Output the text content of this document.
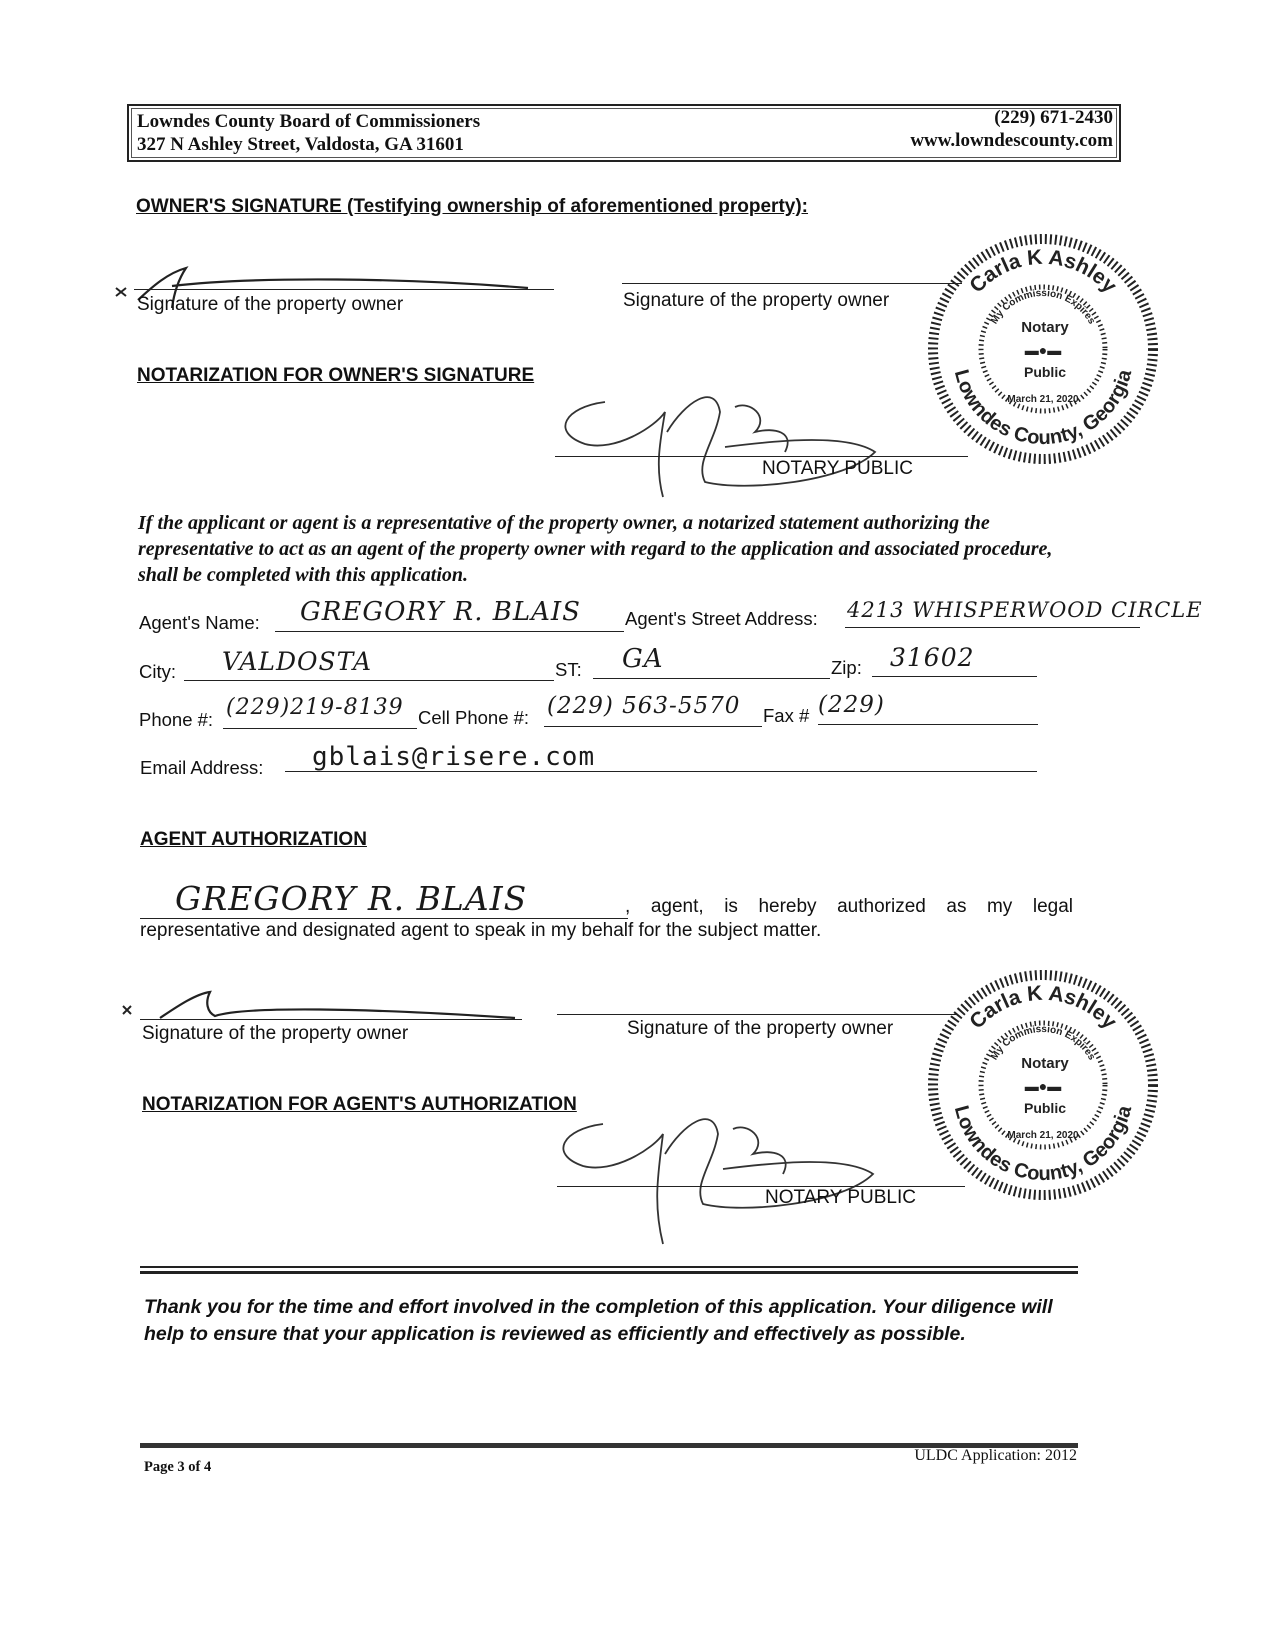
Lowndes County Board of Commissioners
327 N Ashley Street, Valdosta, GA 31601
(229) 671-2430
www.lowndescounty.com
OWNER'S SIGNATURE (Testifying ownership of aforementioned property):
Signature of the property owner	Signature of the property owner
Carla K Ashley
Lowndes County, Georgia
My Commission Expires
Notary
▬●▬
Public
March 21, 2020
NOTARIZATION FOR OWNER'S SIGNATURE
NOTARY PUBLIC
If the applicant or agent is a representative of the property owner, a notarized statement authorizing the representative to act as an agent of the property owner with regard to the application and associated procedure, shall be completed with this application.
Agent's Name: GREGORY R. BLAIS Agent's Street Address: 4213 WHISPERWOOD CIRCLE
City: VALDOSTA	ST: GA	Zip: 31602
Phone #: (229)219-8139 Cell Phone #: (229) 563-5570 Fax # (229)
Email Address: gblais@risere.com
AGENT AUTHORIZATION
GREGORY R. BLAIS	, agent, is hereby authorized as my legal
representative and designated agent to speak in my behalf for the subject matter.
Signature of the property owner	Signature of the property owner	Carla K Ashley
Lowndes County, Georgia
My Commission Expires
Notary
▬●▬
Public
March 21, 2020
NOTARIZATION FOR AGENT'S AUTHORIZATION
NOTARY PUBLIC
Thank you for the time and effort involved in the completion of this application. Your diligence will help to ensure that your application is reviewed as efficiently and effectively as possible.
Page 3 of 4
ULDC Application: 2012
